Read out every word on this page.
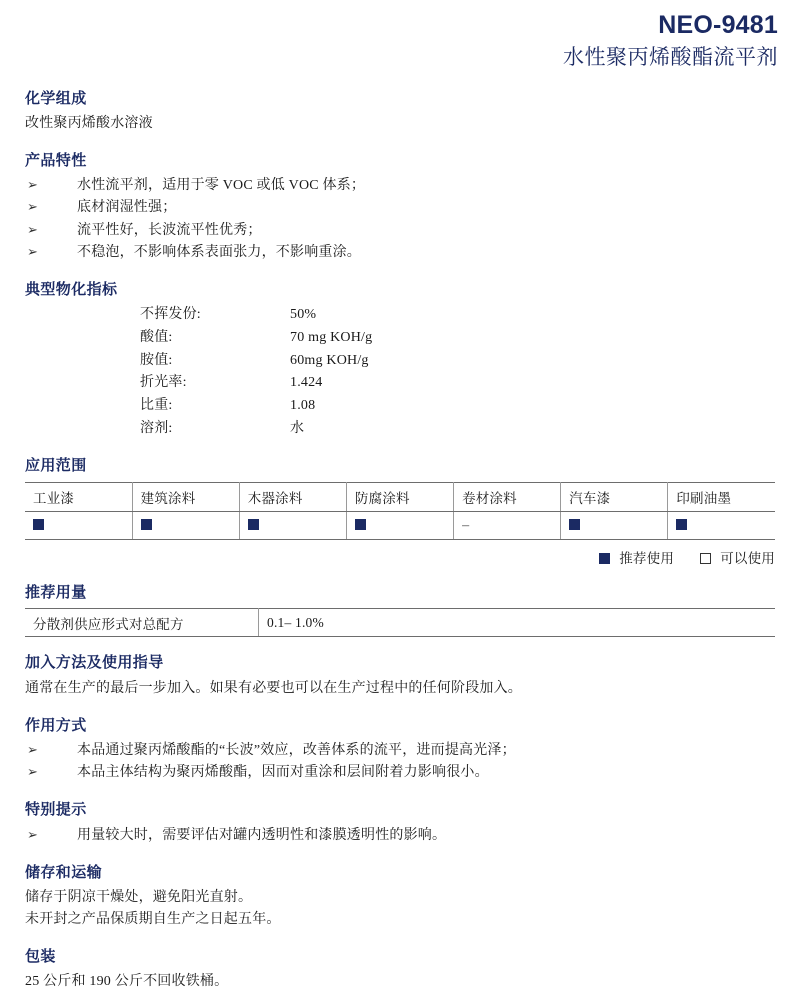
NEO-9481
水性聚丙烯酸酯流平剂
化学组成

改性聚丙烯酸水溶液

产品特性
➢	水性流平剂，适用于零 VOC 或低 VOC 体系；
➢	底材润湿性强；
➢	流平性好，长波流平性优秀；
➢	不稳泡，不影响体系表面张力，不影响重涂。
典型物化指标
不挥发份:	50%
酸值:	70 mg KOH/g
胺值:	60mg KOH/g
折光率:	1.424
比重:	1.08
溶剂:	水
应用范围
工业漆	建筑涂料	木器涂料	防腐涂料	卷材涂料	汽车漆	印刷油墨
				–		
推荐使用	可以使用
推荐用量
分散剂供应形式对总配方	0.1– 1.0%
加入方法及使用指导

通常在生产的最后一步加入。如果有必要也可以在生产过程中的任何阶段加入。

作用方式
➢	本品通过聚丙烯酸酯的“长波”效应，改善体系的流平，进而提高光泽；
➢	本品主体结构为聚丙烯酸酯，因而对重涂和层间附着力影响很小。
特别提示
➢	用量较大时，需要评估对罐内透明性和漆膜透明性的影响。
储存和运输

储存于阴凉干燥处，避免阳光直射。

未开封之产品保质期自生产之日起五年。

包装

25 公斤和 190 公斤不回收铁桶。
